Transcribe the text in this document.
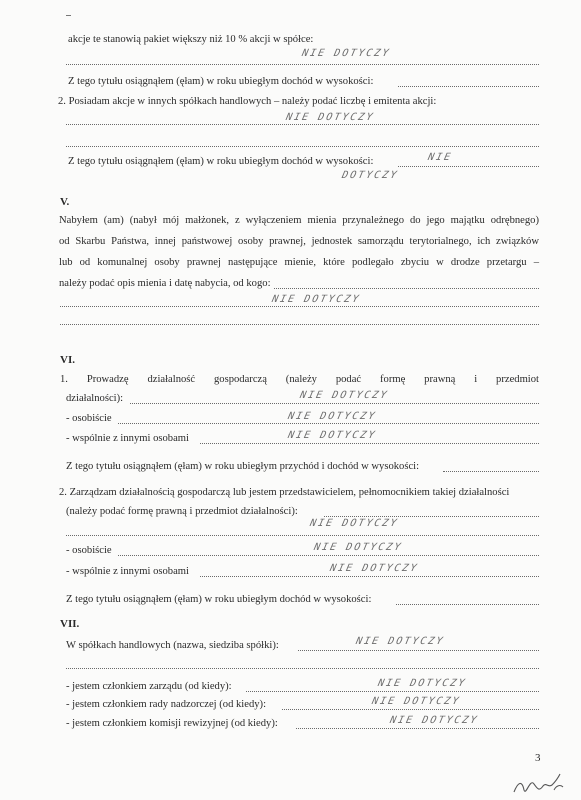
akcje te stanowią pakiet większy niż 10 % akcji w spółce:
NIE DOTYCZY
Z tego tytułu osiągnąłem (ęłam) w roku ubiegłym dochód w wysokości:
2. Posiadam akcje w innych spółkach handlowych – należy podać liczbę i emitenta akcji:
NIE DOTYCZY
Z tego tytułu osiągnąłem (ęłam) w roku ubiegłym dochód w wysokości:	NIE
DOTYCZY
V.
Nabyłem (am) (nabył mój małżonek, z wyłączeniem mienia przynależnego do jego majątku odrębnego)
od Skarbu Państwa, innej państwowej osoby prawnej, jednostek samorządu terytorialnego, ich związków
lub od komunalnej osoby prawnej następujące mienie, które podlegało zbyciu w drodze przetargu –
należy podać opis mienia i datę nabycia, od kogo:
NIE DOTYCZY
VI.
1. Prowadzę działalność gospodarczą (należy podać formę prawną i przedmiot
działalności):	NIE DOTYCZY
- osobiście	NIE DOTYCZY
- wspólnie z innymi osobami	NIE DOTYCZY
Z tego tytułu osiągnąłem (ęłam) w roku ubiegłym przychód i dochód w wysokości:
2. Zarządzam działalnością gospodarczą lub jestem przedstawicielem, pełnomocnikiem takiej działalności
(należy podać formę prawną i przedmiot działalności):
NIE DOTYCZY
- osobiście	NIE DOTYCZY
- wspólnie z innymi osobami	NIE DOTYCZY
Z tego tytułu osiągnąłem (ęłam) w roku ubiegłym dochód w wysokości:
VII.
W spółkach handlowych (nazwa, siedziba spółki):	NIE DOTYCZY
- jestem członkiem zarządu (od kiedy):	NIE DOTYCZY
- jestem członkiem rady nadzorczej (od kiedy):	NIE DOTYCZY
- jestem członkiem komisji rewizyjnej (od kiedy):	NIE DOTYCZY
3
